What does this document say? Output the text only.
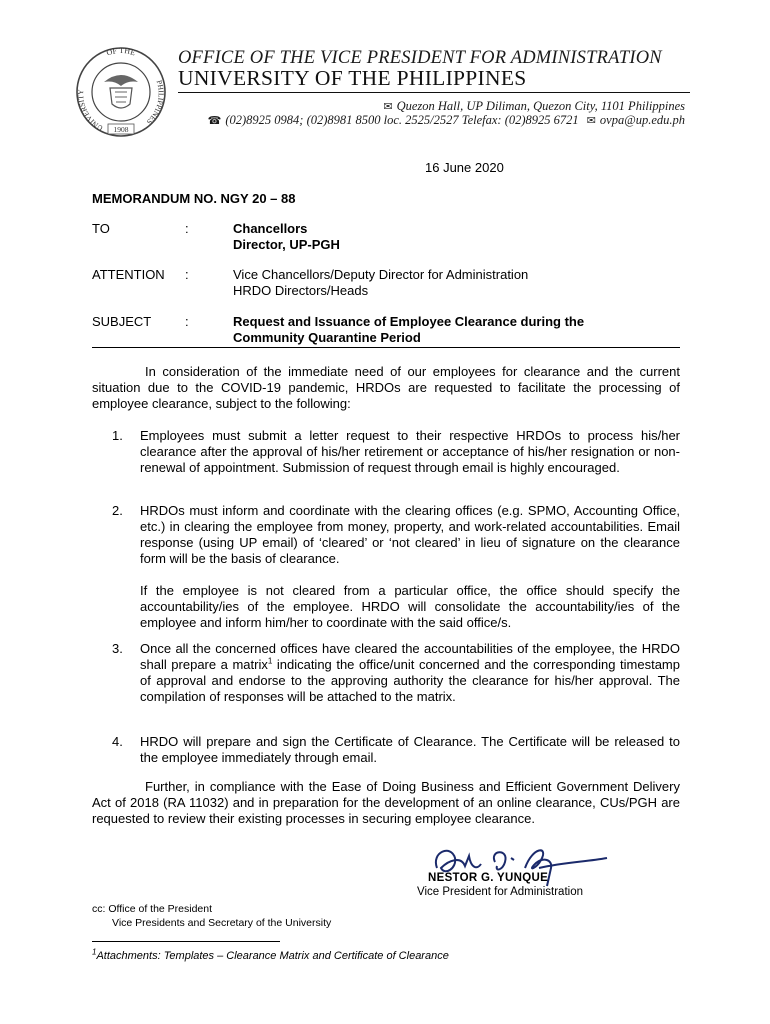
OF THE
UNIVERSITY
PHILIPPINES
1908
OFFICE OF THE VICE PRESIDENT FOR ADMINISTRATION
UNIVERSITY OF THE PHILIPPINES
✉ Quezon Hall, UP Diliman, Quezon City, 1101 Philippines
☎ (02)8925 0984; (02)8981 8500 loc. 2525/2527 Telefax: (02)8925 6721 ✉ ovpa@up.edu.ph
16 June 2020
MEMORANDUM NO. NGY 20 – 88
TO	:	Chancellors
Director, UP-PGH
ATTENTION :	Vice Chancellors/Deputy Director for Administration
HRDO Directors/Heads
SUBJECT	:	Request and Issuance of Employee Clearance during the Community Quarantine Period
In consideration of the immediate need of our employees for clearance and the current situation due to the COVID-19 pandemic, HRDOs are requested to facilitate the processing of employee clearance, subject to the following:
1. Employees must submit a letter request to their respective HRDOs to process his/her clearance after the approval of his/her retirement or acceptance of his/her resignation or non-renewal of appointment. Submission of request through email is highly encouraged.
2. HRDOs must inform and coordinate with the clearing offices (e.g. SPMO, Accounting Office, etc.) in clearing the employee from money, property, and work-related accountabilities. Email response (using UP email) of ‘cleared’ or ‘not cleared’ in lieu of signature on the clearance form will be the basis of clearance.
If the employee is not cleared from a particular office, the office should specify the accountability/ies of the employee. HRDO will consolidate the accountability/ies of the employee and inform him/her to coordinate with the said office/s.
3. Once all the concerned offices have cleared the accountabilities of the employee, the HRDO shall prepare a matrix$^1$ indicating the office/unit concerned and the corresponding timestamp of approval and endorse to the approving authority the clearance for his/her approval. The compilation of responses will be attached to the matrix.
4. HRDO will prepare and sign the Certificate of Clearance. The Certificate will be released to the employee immediately through email.
Further, in compliance with the Ease of Doing Business and Efficient Government Delivery Act of 2018 (RA 11032) and in preparation for the development of an online clearance, CUs/PGH are requested to review their existing processes in securing employee clearance.
NESTOR G. YUNQUE
Vice President for Administration
cc: Office of the President
Vice Presidents and Secretary of the University
$^1$Attachments: Templates – Clearance Matrix and Certificate of Clearance
